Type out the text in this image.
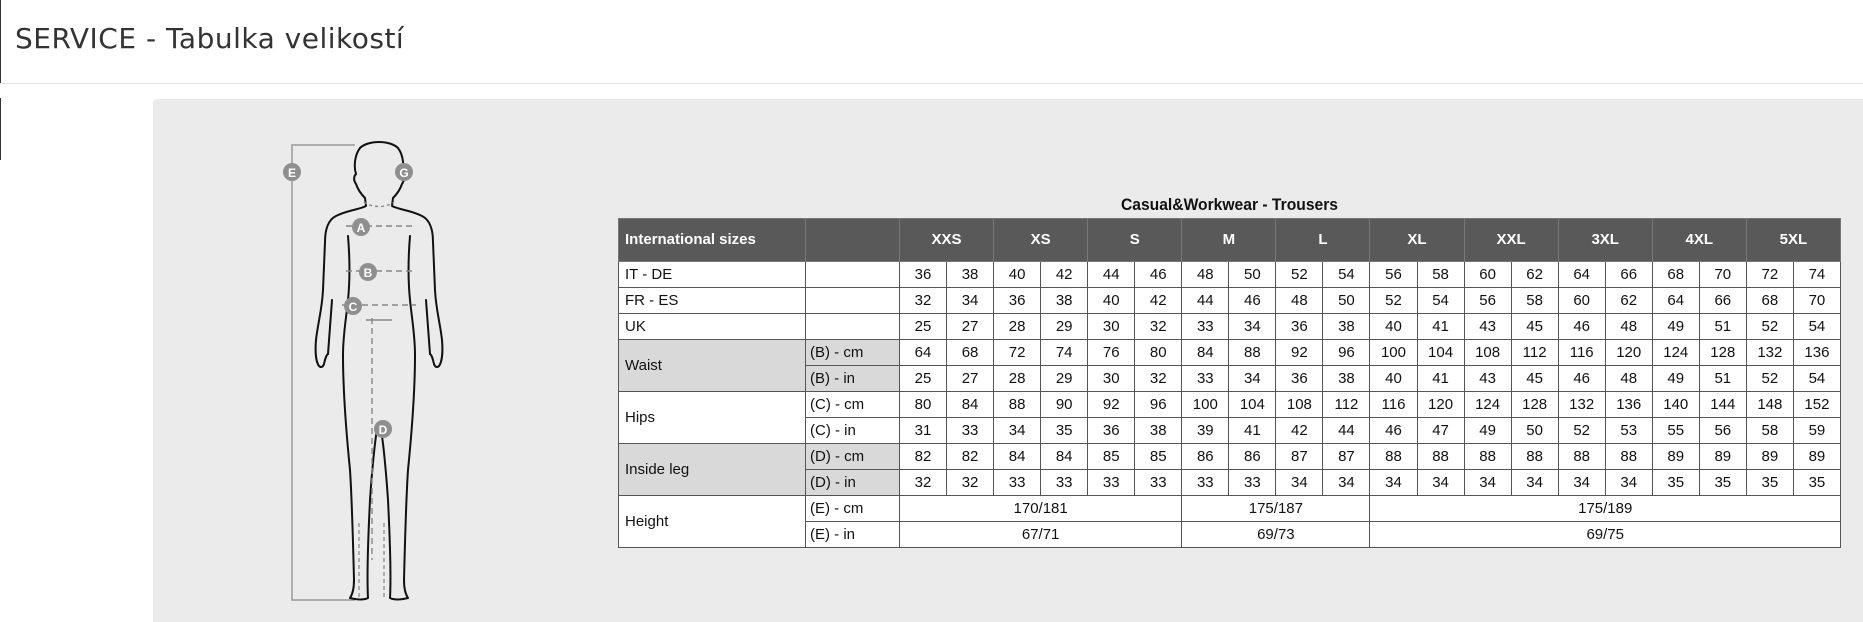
SERVICE - Tabulka velikostí
E	G
A
B
C
D
Casual&Workwear - Trousers
International sizes		XXS		XS		S		M		L		XL		XXL		3XL		4XL		5XL	
IT - DE		36	38	40	42	44	46	48	50	52	54	56	58	60	62	64	66	68	70	72	74
FR - ES		32	34	36	38	40	42	44	46	48	50	52	54	56	58	60	62	64	66	68	70
UK		25	27	28	29	30	32	33	34	36	38	40	41	43	45	46	48	49	51	52	54
Waist	(B) - cm	64	68	72	74	76	80	84	88	92	96	100	104	108	112	116	120	124	128	132	136
	(B) - in	25	27	28	29	30	32	33	34	36	38	40	41	43	45	46	48	49	51	52	54
Hips	(C) - cm	80	84	88	90	92	96	100	104	108	112	116	120	124	128	132	136	140	144	148	152
	(C) - in	31	33	34	35	36	38	39	41	42	44	46	47	49	50	52	53	55	56	58	59
Inside leg	(D) - cm	82	82	84	84	85	85	86	86	87	87	88	88	88	88	88	88	89	89	89	89
	(D) - in	32	32	33	33	33	33	33	33	34	34	34	34	34	34	34	34	35	35	35	35
Height	(E) - cm	170/181						175/187				175/189									
	(E) - in	67/71						69/73				69/75									
